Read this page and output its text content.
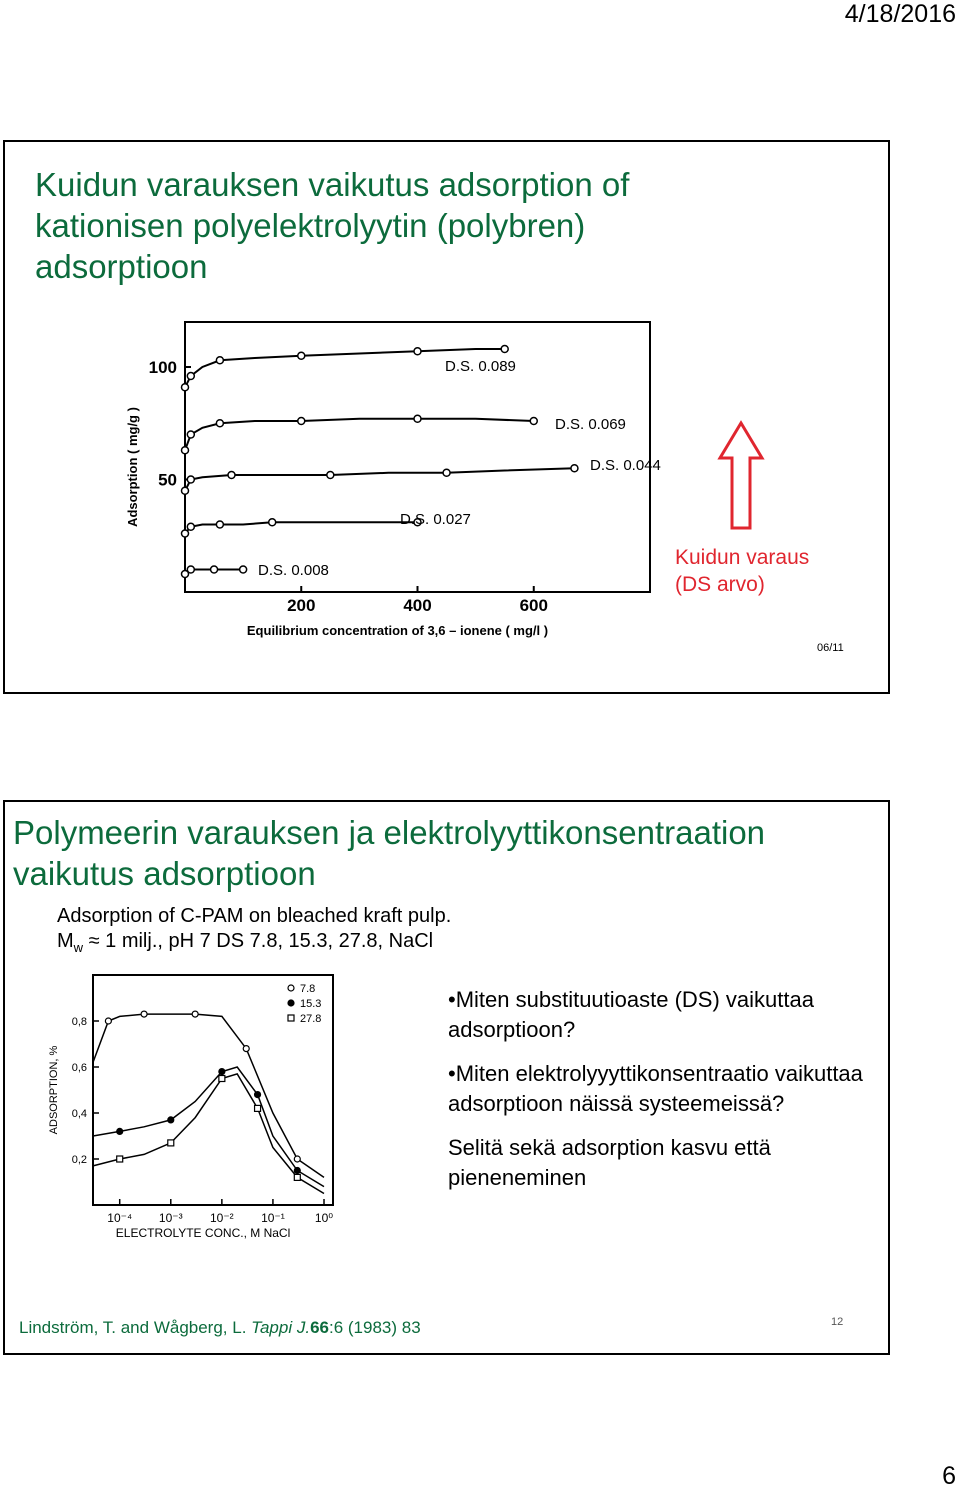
4/18/2016
6

Kuidun varauksen vaikutus adsorption of

kationisen polyelektrolyytin (polybren)

adsorptioon

200	400	600
50
100
Adsorption ( mg/g )
Equilibrium concentration of 3,6 – ionene ( mg/l )
D.S. 0.089
D.S. 0.069
D.S. 0.044
D.S. 0.027
D.S. 0.008
Kuidun varaus
(DS arvo)
06/11

Polymeerin varauksen ja elektrolyyttikonsentraation

vaikutus adsorptioon

Adsorption of C-PAM on bleached kraft pulp.
$M_w \approx 1$ milj., pH 7 DS 7.8, 15.3, 27.8, NaCl
10⁻⁴ 10⁻³ 10⁻² 10⁻¹	10⁰
0,2
0,4
0,6
0,8
ADSORPTION, %
ELECTROLYTE CONC., M NaCl
7.8
15.3
27.8

•Miten substituutioaste (DS) vaikuttaa adsorptioon?

•Miten elektrolyyyttikonsentraatio vaikuttaa adsorptioon näissä systeemeissä?

Selitä sekä adsorption kasvu että pieneneminen

Lindström, T. and Wågberg, L. Tappi J.66:6 (1983) 83	12
